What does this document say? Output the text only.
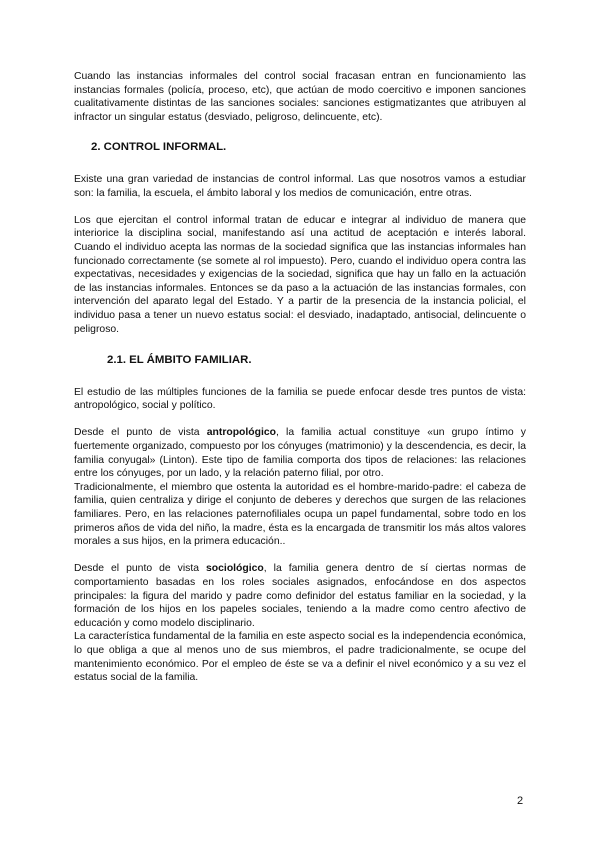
Cuando las instancias informales del control social fracasan entran en funcionamiento las instancias formales (policía, proceso, etc), que actúan de modo coercitivo e imponen sanciones cualitativamente distintas de las sanciones sociales: sanciones estigmatizantes que atribuyen al infractor un singular estatus (desviado, peligroso, delincuente, etc).

2. CONTROL INFORMAL.

Existe una gran variedad de instancias de control informal. Las que nosotros vamos a estudiar son: la familia, la escuela, el ámbito laboral y los medios de comunicación, entre otras.

Los que ejercitan el control informal tratan de educar e integrar al individuo de manera que interiorice la disciplina social, manifestando así una actitud de aceptación e interés laboral. Cuando el individuo acepta las normas de la sociedad significa que las instancias informales han funcionado correctamente (se somete al rol impuesto). Pero, cuando el individuo opera contra las expectativas, necesidades y exigencias de la sociedad, significa que hay un fallo en la actuación de las instancias informales. Entonces se da paso a la actuación de las instancias formales, con intervención del aparato legal del Estado. Y a partir de la presencia de la instancia policial, el individuo pasa a tener un nuevo estatus social: el desviado, inadaptado, antisocial, delincuente o peligroso.

2.1. EL ÁMBITO FAMILIAR.

El estudio de las múltiples funciones de la familia se puede enfocar desde tres puntos de vista: antropológico, social y político.

Desde el punto de vista antropológico, la familia actual constituye «un grupo íntimo y fuertemente organizado, compuesto por los cónyuges (matrimonio) y la descendencia, es decir, la familia conyugal» (Linton). Este tipo de familia comporta dos tipos de relaciones: las relaciones entre los cónyuges, por un lado, y la relación paterno filial, por otro.

Tradicionalmente, el miembro que ostenta la autoridad es el hombre-marido-padre: el cabeza de familia, quien centraliza y dirige el conjunto de deberes y derechos que surgen de las relaciones familiares. Pero, en las relaciones paternofiliales ocupa un papel fundamental, sobre todo en los primeros años de vida del niño, la madre, ésta es la encargada de transmitir los más altos valores morales a sus hijos, en la primera educación..

Desde el punto de vista sociológico, la familia genera dentro de sí ciertas normas de comportamiento basadas en los roles sociales asignados, enfocándose en dos aspectos principales: la figura del marido y padre como definidor del estatus familiar en la sociedad, y la formación de los hijos en los papeles sociales, teniendo a la madre como centro afectivo de educación y como modelo disciplinario.

La característica fundamental de la familia en este aspecto social es la independencia económica, lo que obliga a que al menos uno de sus miembros, el padre tradicionalmente, se ocupe del mantenimiento económico. Por el empleo de éste se va a definir el nivel económico y a su vez el estatus social de la familia.

2
